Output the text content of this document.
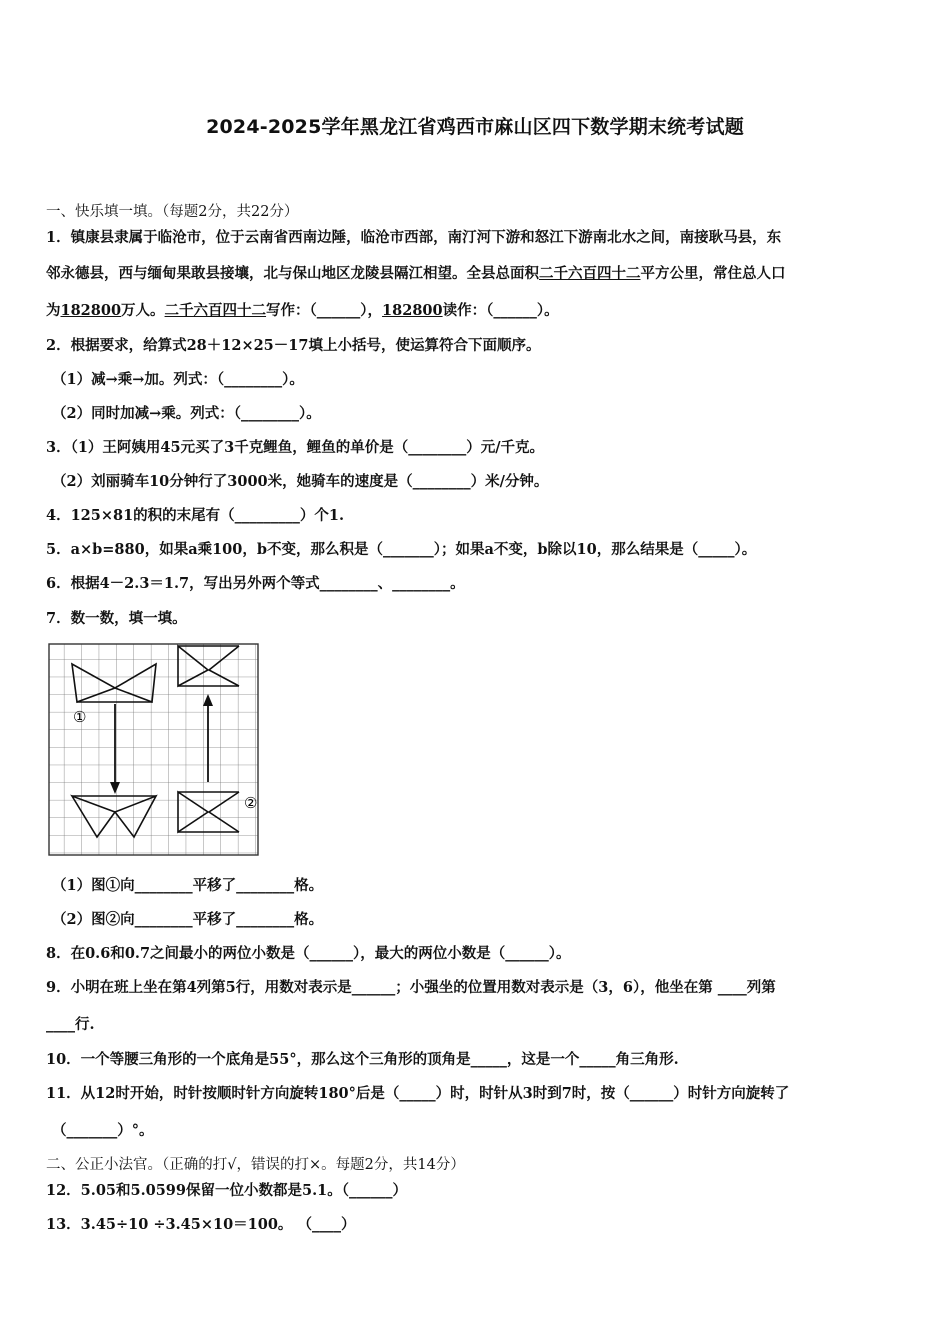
2024-2025学年黑龙江省鸡西市麻山区四下数学期末统考试题
一、快乐填一填。（每题2分，共22分）
1．镇康县隶属于临沧市，位于云南省西南边陲，临沧市西部，南汀河下游和怒江下游南北水之间，南接耿马县，东
邻永德县，西与缅甸果敢县接壤，北与保山地区龙陵县隔江相望。全县总面积二千六百四十二平方公里，常住总人口
为182800万人。二千六百四十二写作：（______），182800读作：（______）。
2．根据要求，给算式28＋12×25－17填上小括号，使运算符合下面顺序。
（1）减→乘→加。列式：（________）。
（2）同时加减→乘。列式：（________）。
3．（1）王阿姨用45元买了3千克鲤鱼，鲤鱼的单价是（________）元/千克。
（2）刘丽骑车10分钟行了3000米，她骑车的速度是（________）米/分钟。
4．125×81的积的末尾有（_________）个1.
5．a×b=880，如果a乘100，b不变，那么积是（_______）；如果a不变，b除以10，那么结果是（_____）。
6．根据4－2.3＝1.7，写出另外两个等式________、________。
7．数一数，填一填。
①
②
（1）图①向________平移了________格。
（2）图②向________平移了________格。
8．在0.6和0.7之间最小的两位小数是（______），最大的两位小数是（______）。
9．小明在班上坐在第4列第5行，用数对表示是______；小强坐的位置用数对表示是（3，6），他坐在第 ____列第
____行.
10．一个等腰三角形的一个底角是55°，那么这个三角形的顶角是_____，这是一个_____角三角形.
11．从12时开始，时针按顺时针方向旋转180°后是（_____）时，时针从3时到7时，按（______）时针方向旋转了
（_______）°。
二、公正小法官。（正确的打√，错误的打×。每题2分，共14分）
12．5.05和5.0599保留一位小数都是5.1。（______）
13．3.45÷10 ÷3.45×10＝100。 （____）
